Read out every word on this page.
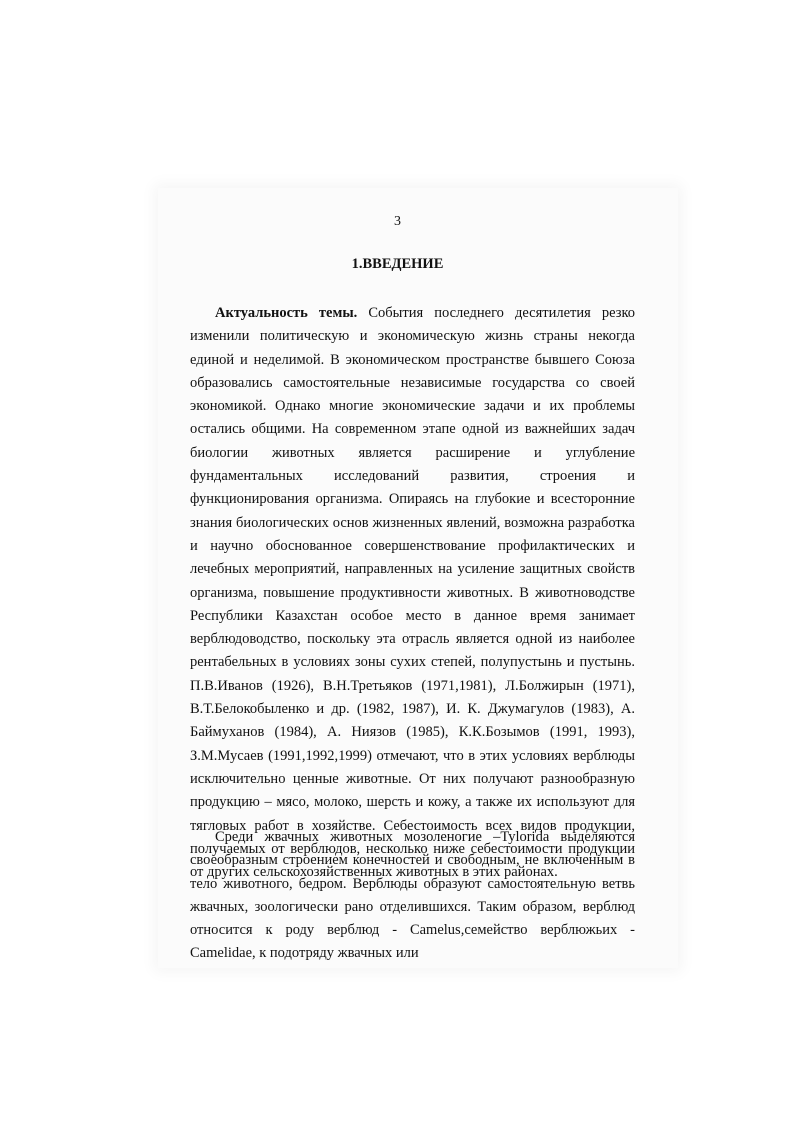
3
1.ВВЕДЕНИЕ
Актуальность темы. События последнего десятилетия резко изменили политическую и экономическую жизнь страны некогда единой и неделимой. В экономическом пространстве бывшего Союза образовались самостоятельные независимые государства со своей экономикой. Однако многие экономические задачи и их проблемы остались общими. На современном этапе одной из важнейших задач биологии животных является расширение и углубление фундаментальных исследований развития, строения и функционирования организма. Опираясь на глубокие и всесторонние знания биологических основ жизненных явлений, возможна разработка и научно обоснованное совершенствование профилактических и лечебных мероприятий, направленных на усиление защитных свойств организма, повышение продуктивности животных. В животноводстве Республики Казахстан особое место в данное время занимает верблюдоводство, поскольку эта отрасль является одной из наиболее рентабельных в условиях зоны сухих степей, полупустынь и пустынь. П.В.Иванов (1926), В.Н.Третьяков (1971,1981), Л.Болжирын (1971), В.Т.Белокобыленко и др. (1982, 1987), И. К. Джумагулов (1983), А. Баймуханов (1984), А. Ниязов (1985), К.К.Бозымов (1991, 1993), З.М.Мусаев (1991,1992,1999) отмечают, что в этих условиях верблюды исключительно ценные животные. От них получают разнообразную продукцию – мясо, молоко, шерсть и кожу, а также их используют для тягловых работ в хозяйстве. Себестоимость всех видов продукции, получаемых от верблюдов, несколько ниже себестоимости продукции от других сельскохозяйственных животных в этих районах.
Среди жвачных животных мозоленогие –Tylorida выделяются своеобразным строением конечностей и свободным, не включенным в тело животного, бедром. Верблюды образуют самостоятельную ветвь жвачных, зоологически рано отделившихся. Таким образом, верблюд относится к роду верблюд - Camelus,семейство верблюжьих -Camelidae, к подотряду жвачных или
